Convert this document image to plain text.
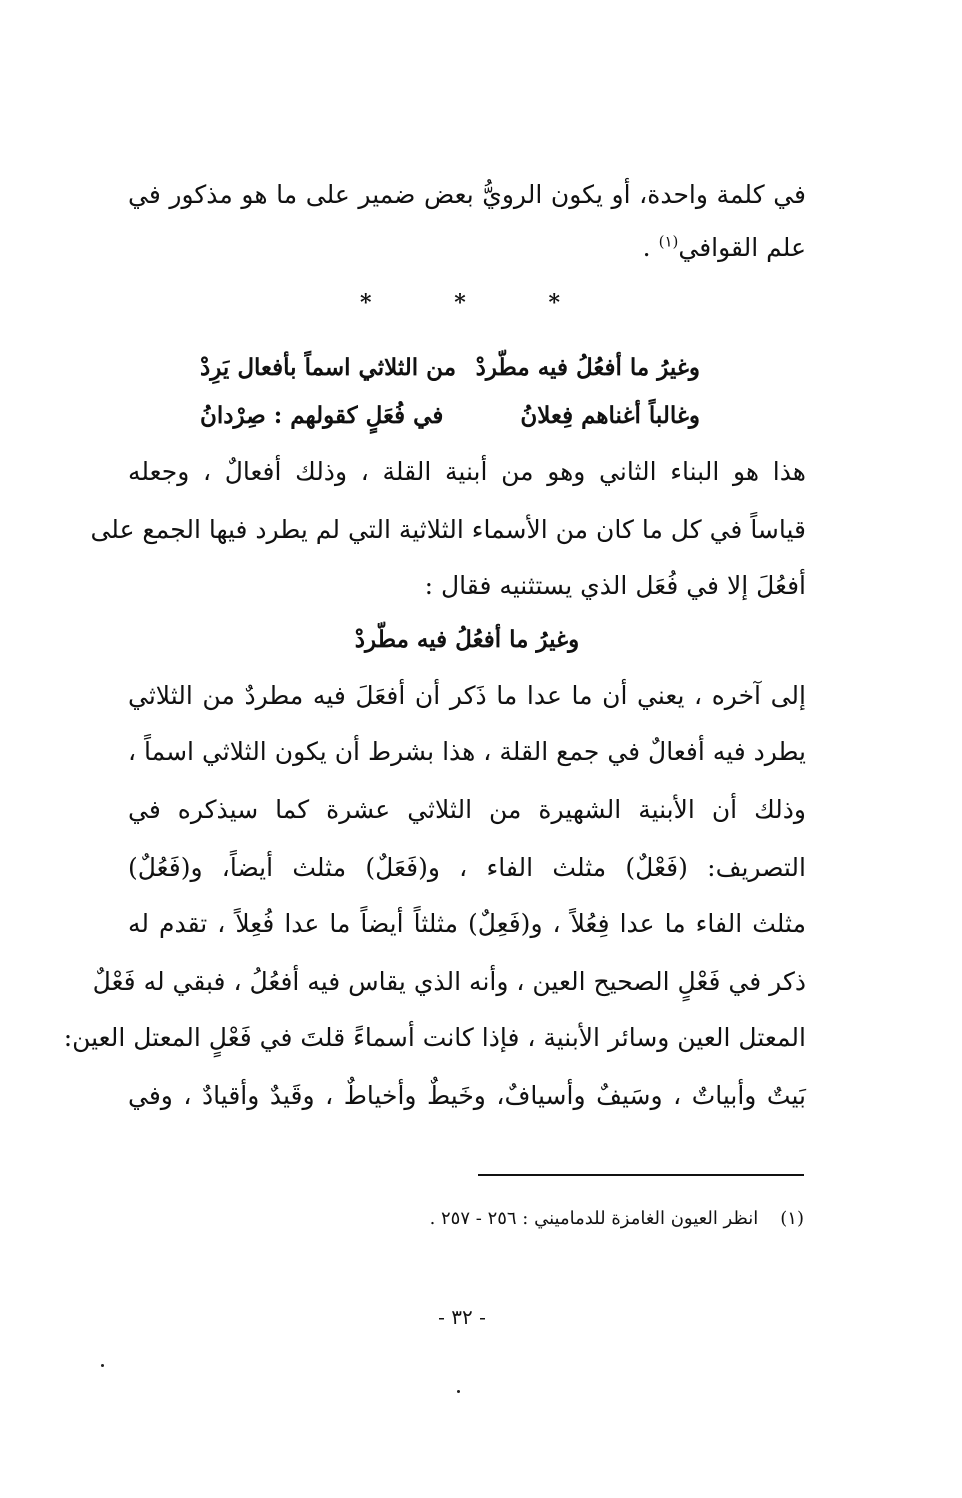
في كلمة واحدة، أو يكون الرويُّ بعض ضمير على ما هو مذكور في
علم القوافي$^{(١)}$ .
*	*	*
وغيرُ ما أفعُلُ فيه مطّردْ
من الثلاثي اسماً بأفعال يَرِدْ
وغالباً أغناهم فِعلانُ
في فُعَلٍ كقولهم : صِرْدانُ
هذا هو البناء الثاني وهو من أبنية القلة ، وذلك أفعالٌ ، وجعله
قياساً في كل ما كان من الأسماء الثلاثية التي لم يطرد فيها الجمع على
أفعُلَ إلا في فُعَل الذي يستثنيه فقال :
وغيرُ ما أفعُلُ فيه مطّردْ
إلى آخره ، يعني أن ما عدا ما ذَكر أن أفعَلَ فيه مطردٌ من الثلاثي
يطرد فيه أفعالٌ في جمع القلة ، هذا بشرط أن يكون الثلاثي اسماً ،
وذلك أن الأبنية الشهيرة من الثلاثي عشرة كما سيذكره في
التصريف: (فَعْلٌ) مثلث الفاء ، و(فَعَلٌ) مثلث أيضاً، و(فَعُلٌ)
مثلث الفاء ما عدا فِعُلاً ، و(فَعِلٌ) مثلثاً أيضاً ما عدا فُعِلاً ، تقدم له
ذكر في فَعْلٍ الصحيح العين ، وأنه الذي يقاس فيه أفعُلُ ، فبقي له فَعْلٌ
المعتل العين وسائر الأبنية ، فإذا كانت أسماءً قلتَ في فَعْلٍ المعتل العين:
بَيتٌ وأبياتٌ ، وسَيفٌ وأسيافٌ، وخَيطٌ وأخياطٌ ، وقَيدٌ وأقيادٌ ، وفي
(١)انظر العيون الغامزة للدماميني : ٢٥٦ - ٢٥٧ .
- ٣٢ -
